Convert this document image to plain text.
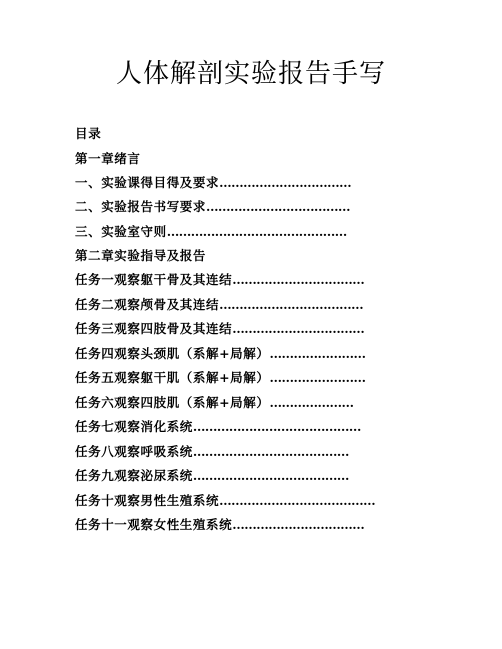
人体解剖实验报告手写
目录
第一章绪言
一、实验课得目得及要求……………………………
二、实验报告书写要求………………………………
三、实验室守则………………………………………
第二章实验指导及报告
任务一观察躯干骨及其连结……………………………
任务二观察颅骨及其连结………………………………
任务三观察四肢骨及其连结……………………………
任务四观察头颈肌（系解+局解）……………………
任务五观察躯干肌（系解+局解）……………………
任务六观察四肢肌（系解+局解）…………………
任务七观察消化系统……………………………………
任务八观察呼吸系统…………………………………
任务九观察泌尿系统…………………………………
任务十观察男性生殖系统…………………………………
任务十一观察女性生殖系统……………………………
